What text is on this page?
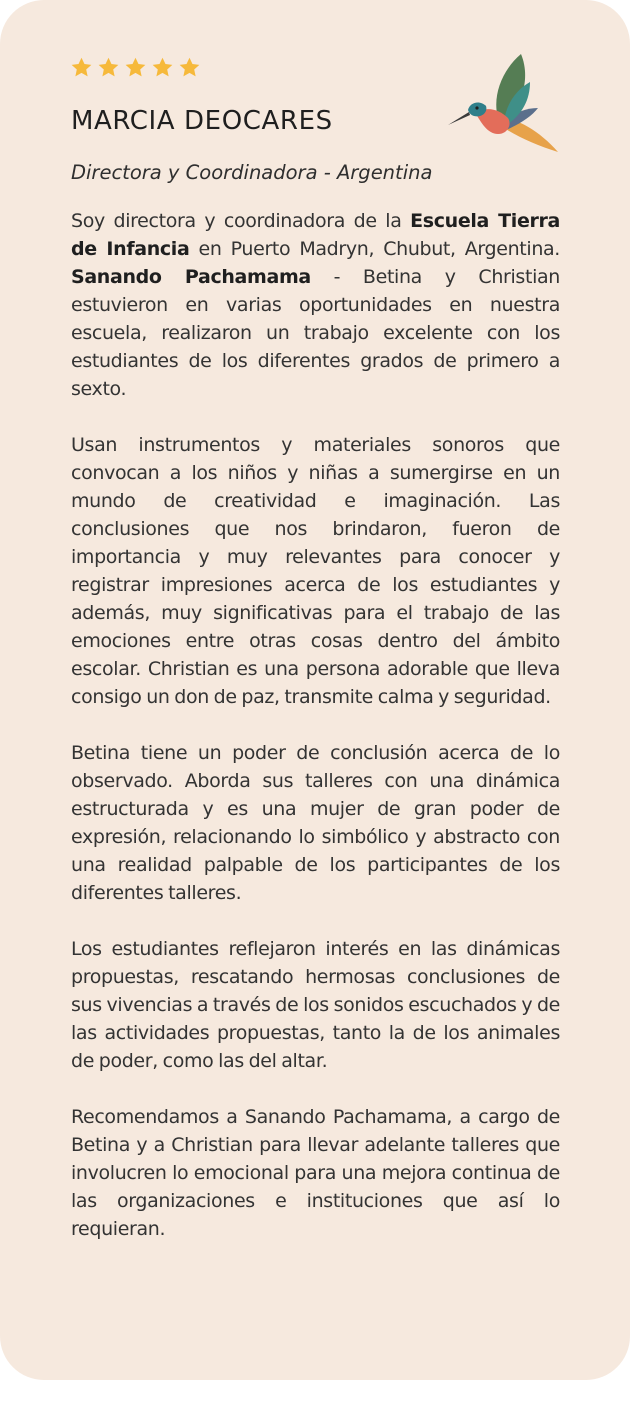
MARCIA DEOCARES

Directora y Coordinadora - Argentina

Soy directora y coordinadora de la Escuela Tierra de Infancia en Puerto Madryn, Chubut, Argentina. Sanando Pachamama - Betina y Christian estuvieron en varias oportunidades en nuestra escuela, realizaron un trabajo excelente con los estudiantes de los diferentes grados de primero a sexto.

Usan instrumentos y materiales sonoros que convocan a los niños y niñas a sumergirse en un mundo de creatividad e imaginación. Las conclusiones que nos brindaron, fueron de importancia y muy relevantes para conocer y registrar impresiones acerca de los estudiantes y además, muy significativas para el trabajo de las emociones entre otras cosas dentro del ámbito escolar. Christian es una persona adorable que lleva consigo un don de paz, transmite calma y seguridad.

Betina tiene un poder de conclusión acerca de lo observado. Aborda sus talleres con una dinámica estructurada y es una mujer de gran poder de expresión, relacionando lo simbólico y abstracto con una realidad palpable de los participantes de los diferentes talleres.

Los estudiantes reflejaron interés en las dinámicas propuestas, rescatando hermosas conclusiones de sus vivencias a través de los sonidos escuchados y de las actividades propuestas, tanto la de los animales de poder, como las del altar.

Recomendamos a Sanando Pachamama, a cargo de Betina y a Christian para llevar adelante talleres que involucren lo emocional para una mejora continua de las organizaciones e instituciones que así lo requieran.
